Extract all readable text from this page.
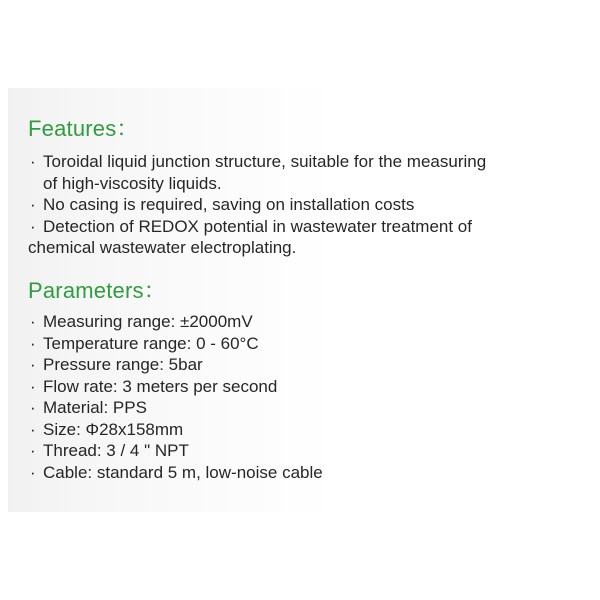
Features：
· Toroidal liquid junction structure, suitable for the measuring
of high-viscosity liquids.
· No casing is required, saving on installation costs
· Detection of REDOX potential in wastewater treatment of
chemical wastewater electroplating.
Parameters：
· Measuring range: ±2000mV
· Temperature range: 0 - 60°C
· Pressure range: 5bar
· Flow rate: 3 meters per second
· Material: PPS
· Size: Φ28x158mm
· Thread: 3 / 4 " NPT
· Cable: standard 5 m, low-noise cable
